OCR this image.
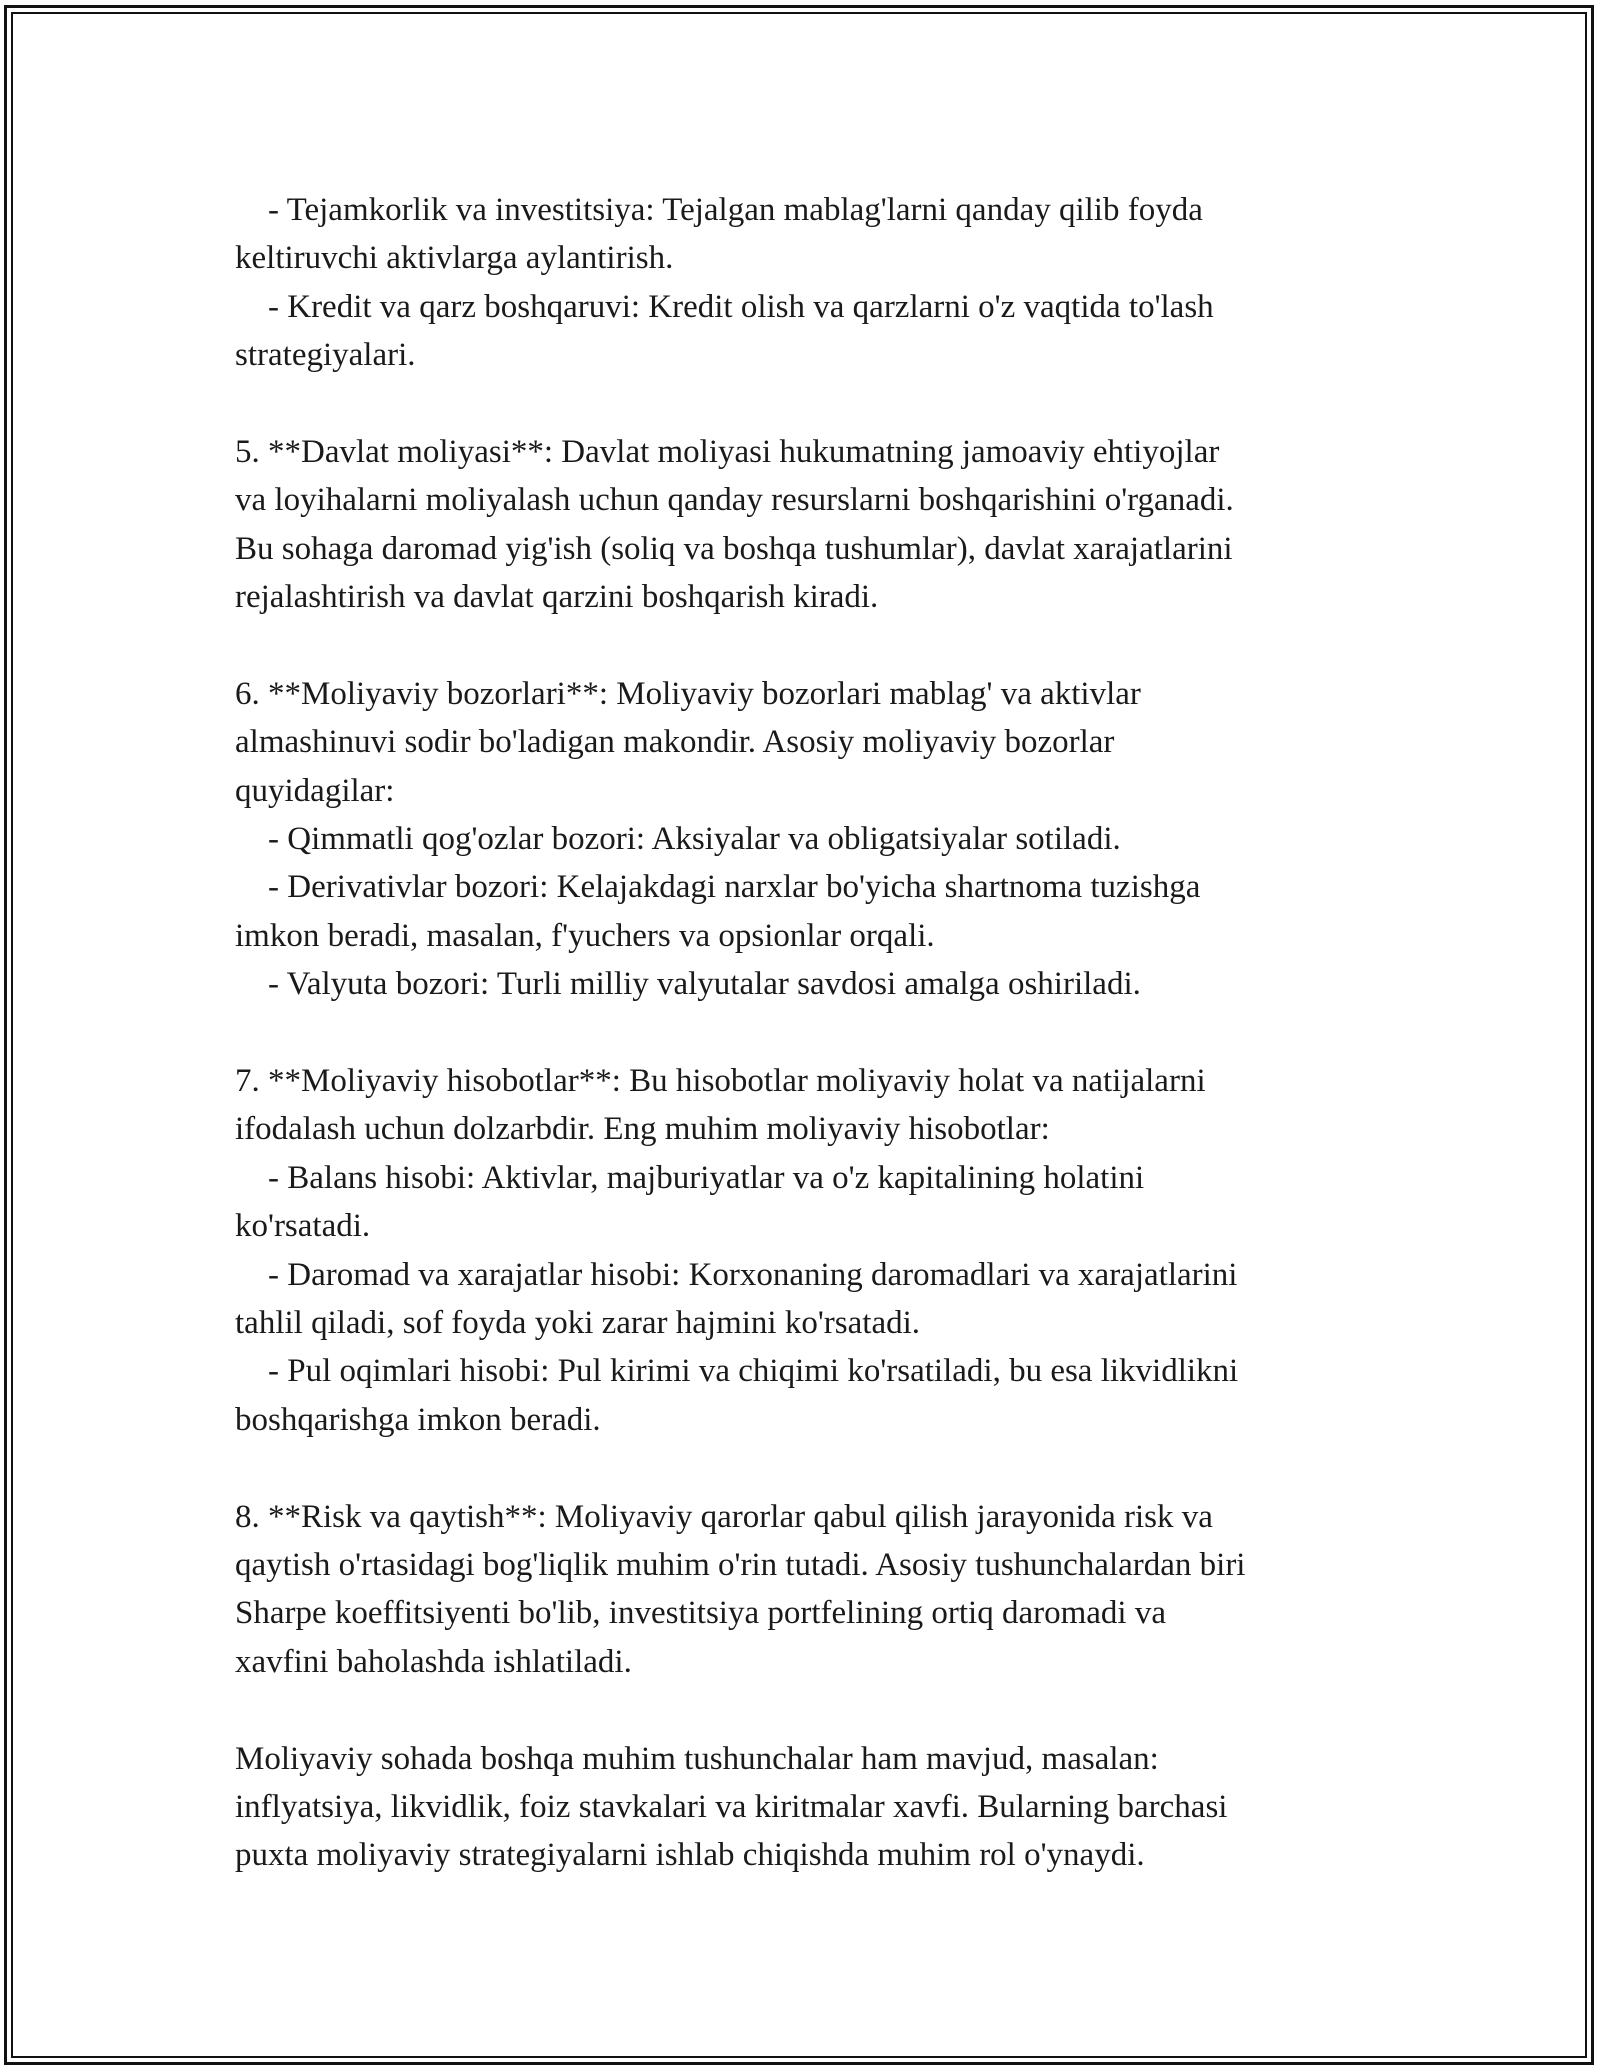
- Tejamkorlik va investitsiya: Tejalgan mablag'larni qanday qilib foyda
keltiruvchi aktivlarga aylantirish.
- Kredit va qarz boshqaruvi: Kredit olish va qarzlarni o'z vaqtida to'lash
strategiyalari.
5. **Davlat moliyasi**: Davlat moliyasi hukumatning jamoaviy ehtiyojlar
va loyihalarni moliyalash uchun qanday resurslarni boshqarishini o'rganadi.
Bu sohaga daromad yig'ish (soliq va boshqa tushumlar), davlat xarajatlarini
rejalashtirish va davlat qarzini boshqarish kiradi.
6. **Moliyaviy bozorlari**: Moliyaviy bozorlari mablag' va aktivlar
almashinuvi sodir bo'ladigan makondir. Asosiy moliyaviy bozorlar
quyidagilar:
- Qimmatli qog'ozlar bozori: Aksiyalar va obligatsiyalar sotiladi.
- Derivativlar bozori: Kelajakdagi narxlar bo'yicha shartnoma tuzishga
imkon beradi, masalan, f'yuchers va opsionlar orqali.
- Valyuta bozori: Turli milliy valyutalar savdosi amalga oshiriladi.
7. **Moliyaviy hisobotlar**: Bu hisobotlar moliyaviy holat va natijalarni
ifodalash uchun dolzarbdir. Eng muhim moliyaviy hisobotlar:
- Balans hisobi: Aktivlar, majburiyatlar va o'z kapitalining holatini
ko'rsatadi.
- Daromad va xarajatlar hisobi: Korxonaning daromadlari va xarajatlarini
tahlil qiladi, sof foyda yoki zarar hajmini ko'rsatadi.
- Pul oqimlari hisobi: Pul kirimi va chiqimi ko'rsatiladi, bu esa likvidlikni
boshqarishga imkon beradi.
8. **Risk va qaytish**: Moliyaviy qarorlar qabul qilish jarayonida risk va
qaytish o'rtasidagi bog'liqlik muhim o'rin tutadi. Asosiy tushunchalardan biri
Sharpe koeffitsiyenti bo'lib, investitsiya portfelining ortiq daromadi va
xavfini baholashda ishlatiladi.
Moliyaviy sohada boshqa muhim tushunchalar ham mavjud, masalan:
inflyatsiya, likvidlik, foiz stavkalari va kiritmalar xavfi. Bularning barchasi
puxta moliyaviy strategiyalarni ishlab chiqishda muhim rol o'ynaydi.
